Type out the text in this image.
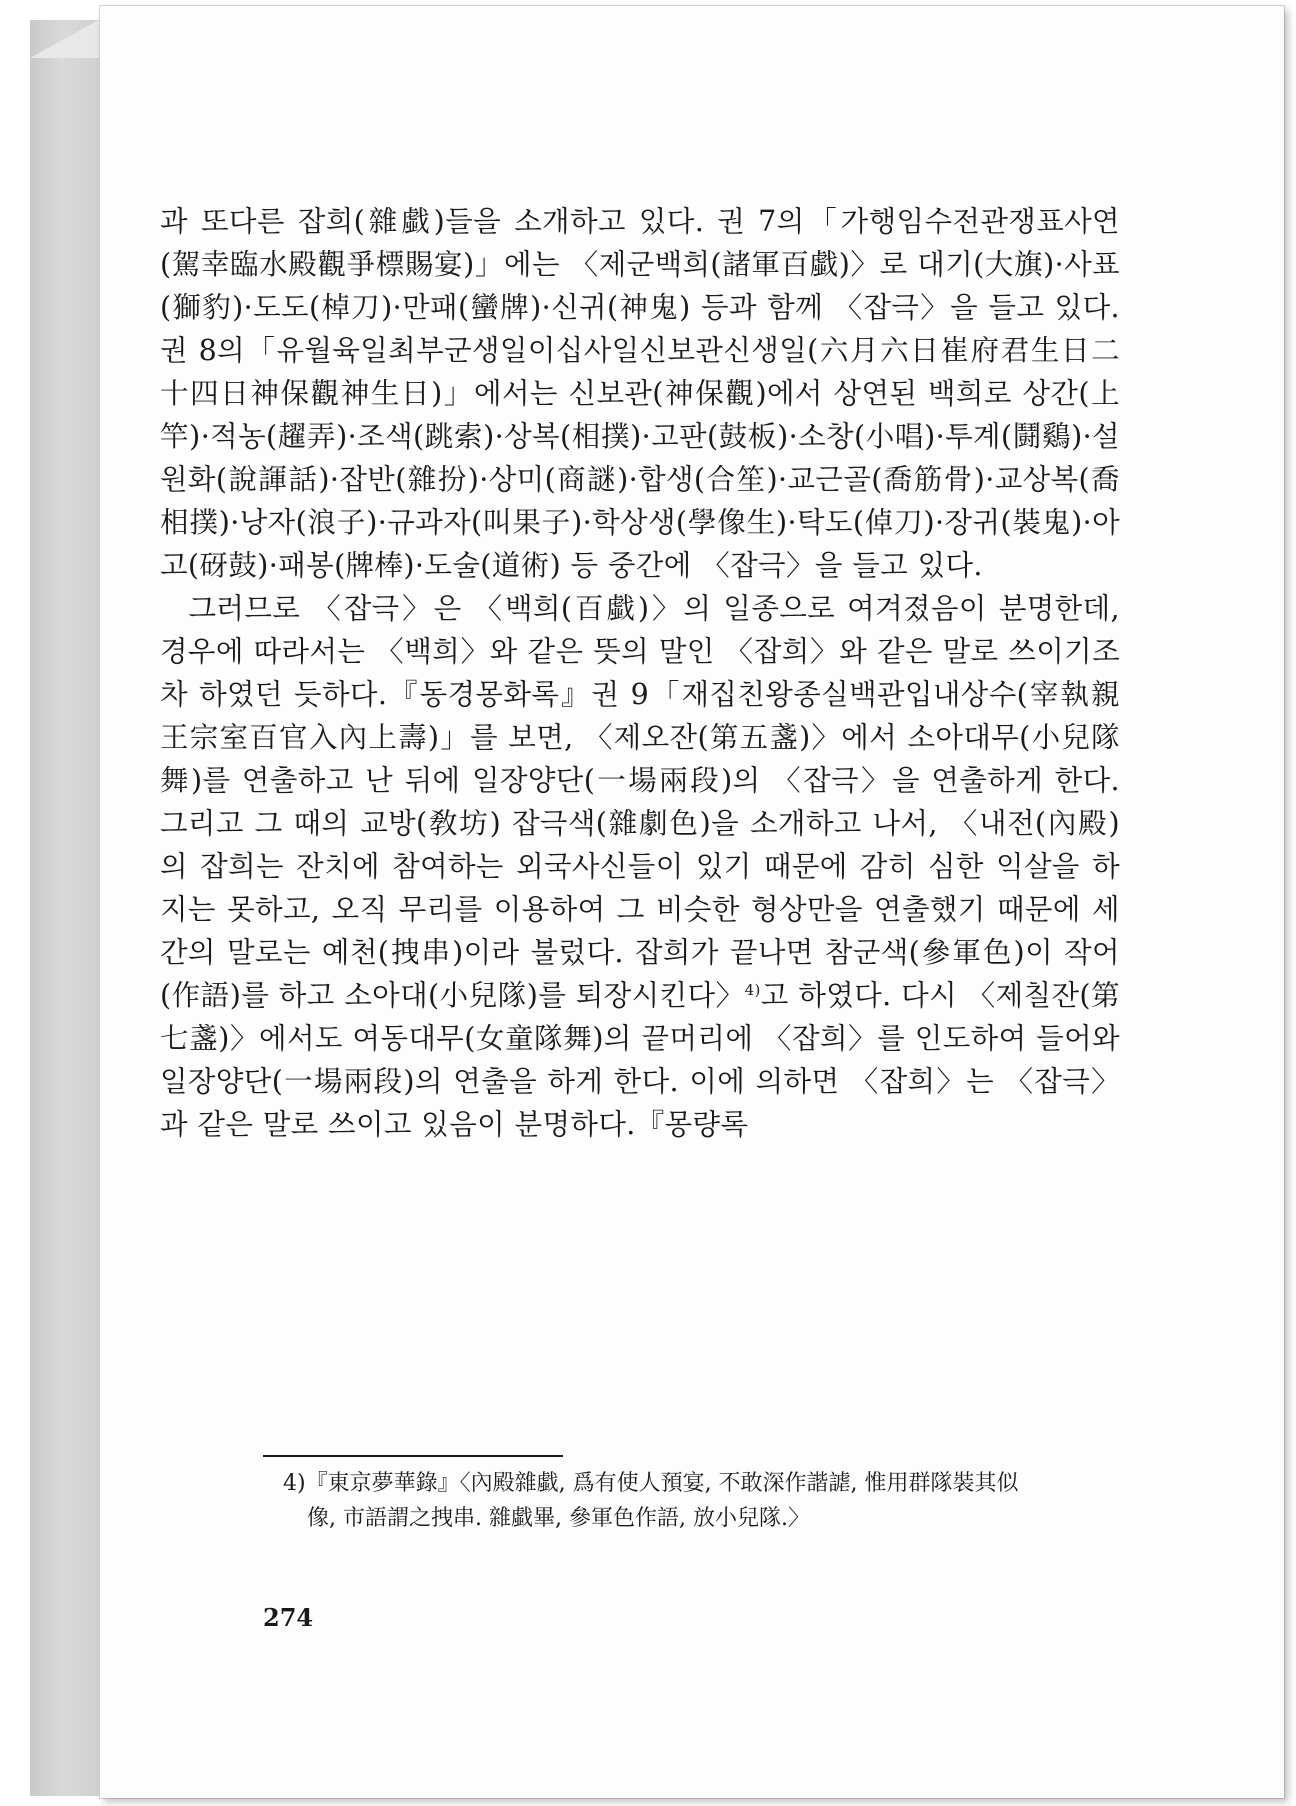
과 또다른 잡희(雜戱)들을 소개하고 있다. 권 7의「가행임수전관쟁표사연(駕幸臨水殿觀爭標賜宴)」에는 〈제군백희(諸軍百戱)〉로 대기(大旗)·사표(獅豹)·도도(棹刀)·만패(蠻牌)·신귀(神鬼) 등과 함께 〈잡극〉을 들고 있다. 권 8의「유월육일최부군생일이십사일신보관신생일(六月六日崔府君生日二十四日神保觀神生日)」에서는 신보관(神保觀)에서 상연된 백희로 상간(上竿)·적농(趯弄)·조색(跳索)·상복(相撲)·고판(鼓板)·소창(小唱)·투계(鬪鷄)·설원화(說諢話)·잡반(雜扮)·상미(商謎)·합생(合笙)·교근골(喬筋骨)·교상복(喬相撲)·낭자(浪子)·규과자(叫果子)·학상생(學像生)·탁도(倬刀)·장귀(裝鬼)·아고(砑鼓)·패봉(牌棒)·도술(道術) 등 중간에 〈잡극〉을 들고 있다.

그러므로 〈잡극〉은 〈백희(百戱)〉의 일종으로 여겨졌음이 분명한데, 경우에 따라서는 〈백희〉와 같은 뜻의 말인 〈잡희〉와 같은 말로 쓰이기조차 하였던 듯하다.『동경몽화록』권 9「재집친왕종실백관입내상수(宰執親王宗室百官入內上壽)」를 보면, 〈제오잔(第五盞)〉에서 소아대무(小兒隊舞)를 연출하고 난 뒤에 일장양단(一場兩段)의 〈잡극〉을 연출하게 한다. 그리고 그 때의 교방(敎坊) 잡극색(雜劇色)을 소개하고 나서, 〈내전(內殿)의 잡희는 잔치에 참여하는 외국사신들이 있기 때문에 감히 심한 익살을 하지는 못하고, 오직 무리를 이용하여 그 비슷한 형상만을 연출했기 때문에 세간의 말로는 예천(拽串)이라 불렀다. 잡희가 끝나면 참군색(參軍色)이 작어(作語)를 하고 소아대(小兒隊)를 퇴장시킨다〉$^{4)}$고 하였다. 다시 〈제칠잔(第七盞)〉에서도 여동대무(女童隊舞)의 끝머리에 〈잡희〉를 인도하여 들어와 일장양단(一場兩段)의 연출을 하게 한다. 이에 의하면 〈잡희〉는 〈잡극〉과 같은 말로 쓰이고 있음이 분명하다.『몽량록

4)『東京夢華錄』〈內殿雜戱, 爲有使人預宴, 不敢深作諧謔, 惟用群隊裝其似
像, 市語謂之拽串. 雜戱畢, 參軍色作語, 放小兒隊.〉
274
